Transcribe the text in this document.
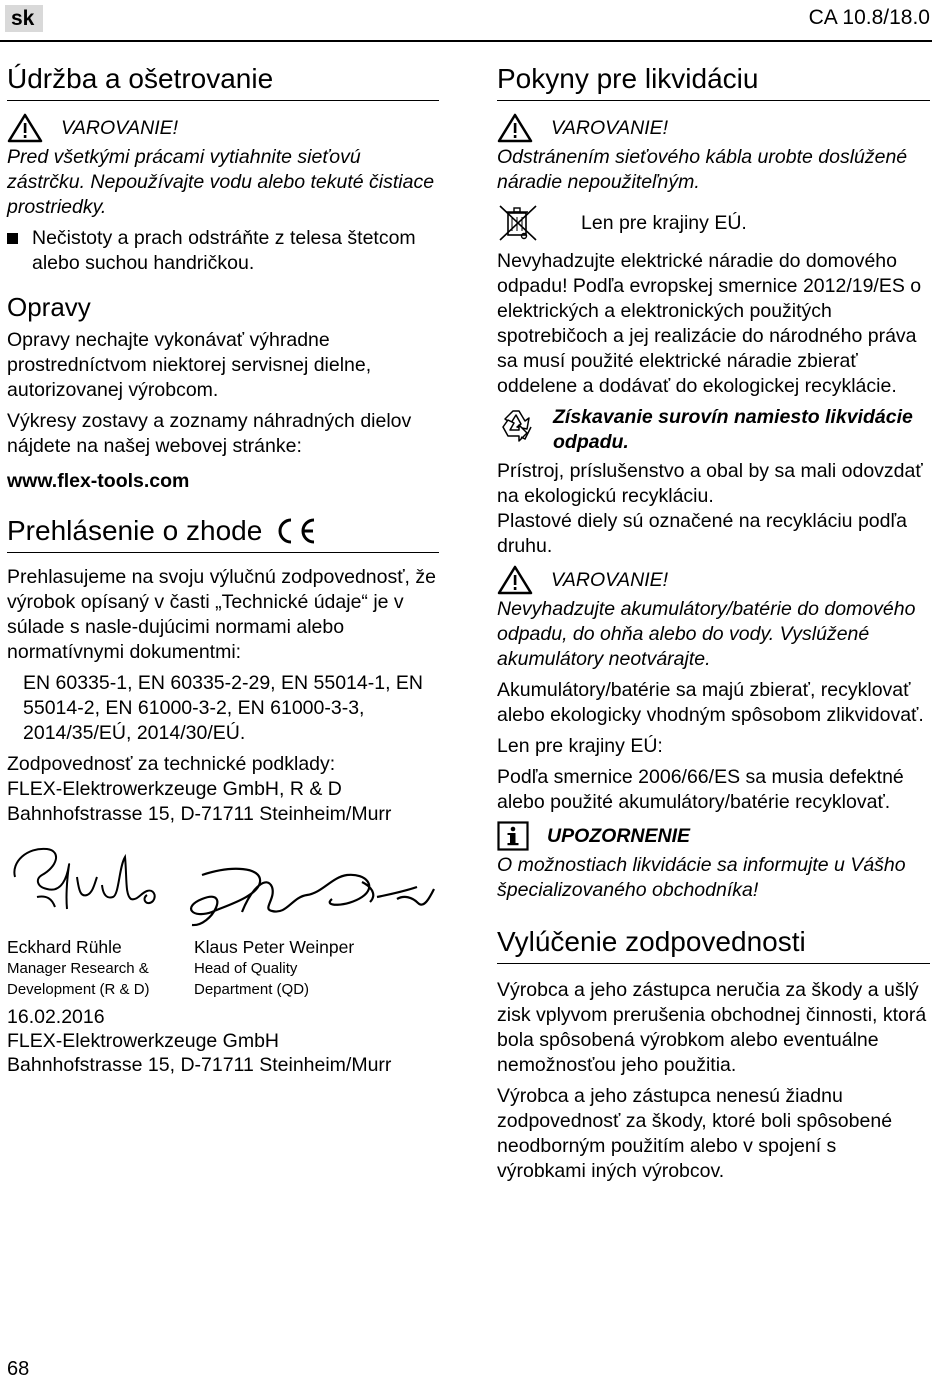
sk	CA 10.8/18.0
Údržba a ošetrovanie
VAROVANIE!

Pred všetkými prácami vytiahnite sieťovú zástrčku. Nepoužívajte vodu alebo tekuté čistiace prostriedky.

Nečistoty a prach odstráňte z telesa štetcom alebo suchou handričkou.

Opravy

Opravy nechajte vykonávať výhradne prostredníctvom niektorej servisnej dielne, autorizovanej výrobcom.

Výkresy zostavy a zoznamy náhradných dielov nájdete na našej webovej stránke:

www.flex-tools.com

Prehlásenie o zhode

Prehlasujeme na svoju výlučnú zodpovednosť, že výrobok opísaný v časti „Technické údaje“ je v súlade s nasle-dujúcimi normami alebo normatívnymi dokumentmi:

EN 60335-1, EN 60335-2-29, EN 55014-1, EN 55014-2, EN 61000-3-2, EN 61000-3-3, 2014/35/EÚ, 2014/30/EÚ.

Zodpovednosť za technické podklady:

FLEX-Elektrowerkzeuge GmbH, R & D

Bahnhofstrasse 15, D-71711 Steinheim/Murr

Eckhard Rühle
Manager Research &
Development (R & D)
Klaus Peter Weinper
Head of Quality
Department (QD)
16.02.2016
FLEX-Elektrowerkzeuge GmbH
Bahnhofstrasse 15, D-71711 Steinheim/Murr
Pokyny pre likvidáciu
VAROVANIE!

Odstránením sieťového kábla urobte doslúžené náradie nepoužiteľným.

Len pre krajiny EÚ.

Nevyhadzujte elektrické náradie do domového odpadu! Podľa evropskej smernice 2012/19/ES o elektrických a elektronických použitých spotrebičoch a jej realizácie do národného práva sa musí použité elektrické náradie zbierať oddelene a dodávať do ekologickej recyklácie.

Získavanie surovín namiesto likvidácie odpadu.

Prístroj, príslušenstvo a obal by sa mali odovzdať na ekologickú recykláciu.

Plastové diely sú označené na recykláciu podľa druhu.

VAROVANIE!

Nevyhadzujte akumulátory/batérie do domového odpadu, do ohňa alebo do vody. Vyslúžené akumulátory neotvárajte.

Akumulátory/batérie sa majú zbierať, recyklovať alebo ekologicky vhodným spôsobom zlikvidovať.

Len pre krajiny EÚ:

Podľa smernice 2006/66/ES sa musia defektné alebo použité akumulátory/batérie recyklovať.

UPOZORNENIE

O možnostiach likvidácie sa informujte u Vášho špecializovaného obchodníka!

Vylúčenie zodpovednosti

Výrobca a jeho zástupca neručia za škody a ušlý zisk vplyvom prerušenia obchodnej činnosti, ktorá bola spôsobená výrobkom alebo eventuálne nemožnosťou jeho použitia.

Výrobca a jeho zástupca nenesú žiadnu zodpovednosť za škody, ktoré boli spôsobené neodborným použitím alebo v spojení s výrobkami iných výrobcov.

68
